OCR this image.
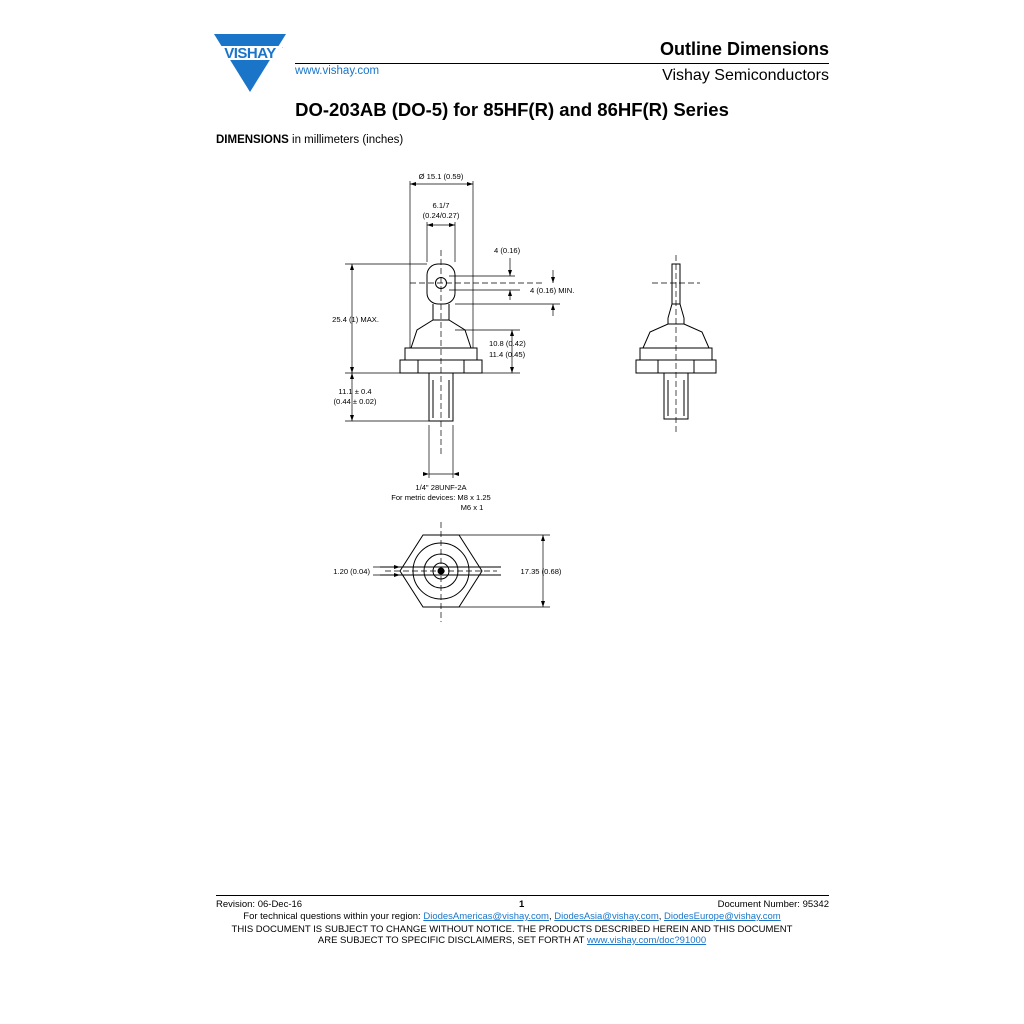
VISHAY .
www.vishay.com
Outline Dimensions
Vishay Semiconductors
DO-203AB (DO-5) for 85HF(R) and 86HF(R) Series
DIMENSIONS in millimeters (inches)
Ø 15.1 (0.59)
6.1/7
(0.24/0.27)
4 (0.16)
4 (0.16) MIN.
25.4 (1) MAX.
10.8 (0.42)
11.4 (0.45)
11.1 ± 0.4
(0.44 ± 0.02)
1/4" 28UNF-2A
For metric devices: M8 x 1.25
M6 x 1
1.20 (0.04)	17.35 (0.68)
Revision: 06-Dec-16	1	Document Number: 95342
For technical questions within your region: DiodesAmericas@vishay.com, DiodesAsia@vishay.com, DiodesEurope@vishay.com
THIS DOCUMENT IS SUBJECT TO CHANGE WITHOUT NOTICE. THE PRODUCTS DESCRIBED HEREIN AND THIS DOCUMENT
ARE SUBJECT TO SPECIFIC DISCLAIMERS, SET FORTH AT www.vishay.com/doc?91000
